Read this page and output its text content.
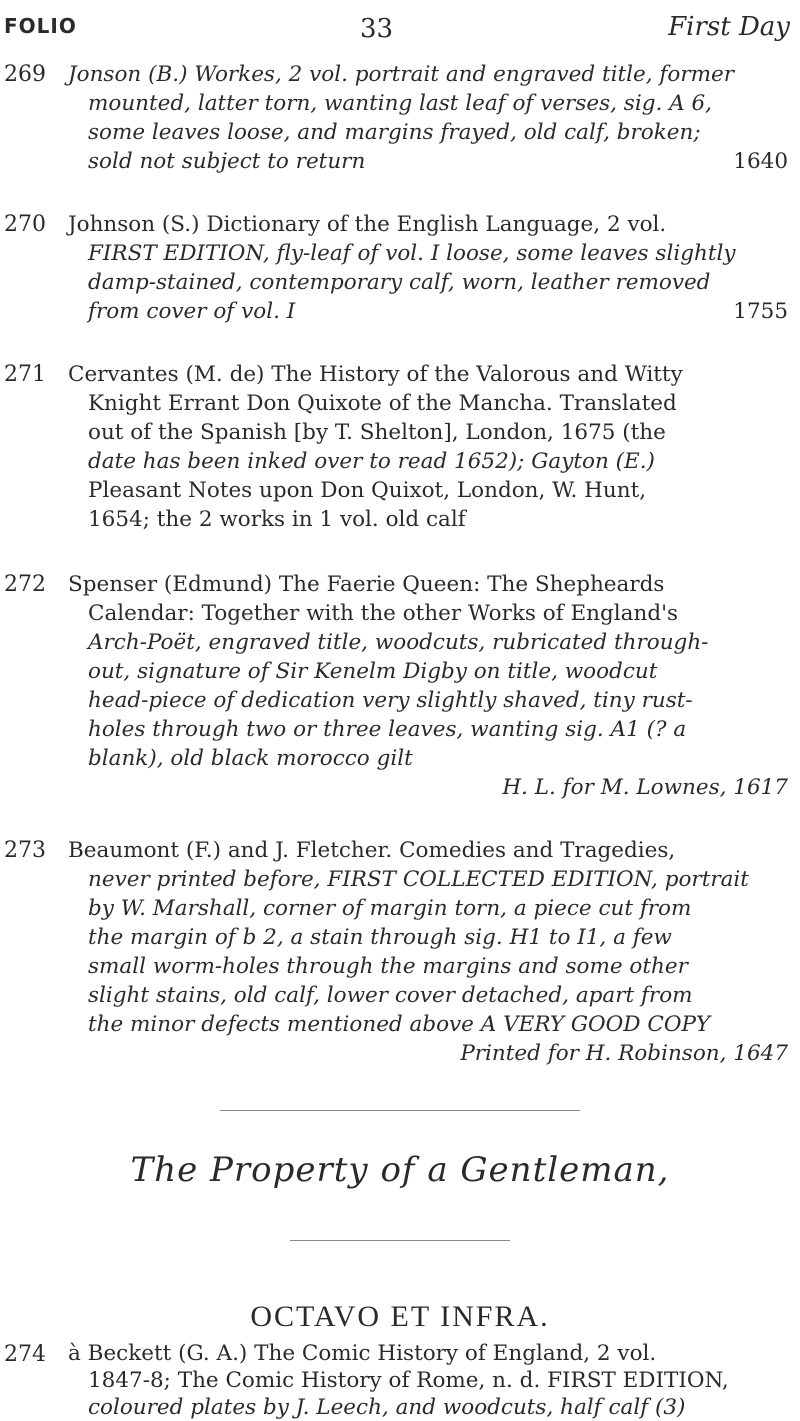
FOLIO	33	First Day
269 Jonson (B.) Workes, 2 vol. portrait and engraved title, former
mounted, latter torn, wanting last leaf of verses, sig. A 6,
some leaves loose, and margins frayed, old calf, broken;
sold not subject to return	1640
270 Johnson (S.) Dictionary of the English Language, 2 vol.
FIRST EDITION, fly-leaf of vol. I loose, some leaves slightly
damp-stained, contemporary calf, worn, leather removed
from cover of vol. I	1755
271 Cervantes (M. de) The History of the Valorous and Witty
Knight Errant Don Quixote of the Mancha. Translated
out of the Spanish [by T. Shelton], London, 1675 (the
date has been inked over to read 1652); Gayton (E.)
Pleasant Notes upon Don Quixot, London, W. Hunt,
1654; the 2 works in 1 vol. old calf
272 Spenser (Edmund) The Faerie Queen: The Shepheards
Calendar: Together with the other Works of England's
Arch-Poët, engraved title, woodcuts, rubricated through-
out, signature of Sir Kenelm Digby on title, woodcut
head-piece of dedication very slightly shaved, tiny rust-
holes through two or three leaves, wanting sig. A1 (? a
blank), old black morocco gilt
H. L. for M. Lownes, 1617
273 Beaumont (F.) and J. Fletcher. Comedies and Tragedies,
never printed before, FIRST COLLECTED EDITION, portrait
by W. Marshall, corner of margin torn, a piece cut from
the margin of b 2, a stain through sig. H1 to I1, a few
small worm-holes through the margins and some other
slight stains, old calf, lower cover detached, apart from
the minor defects mentioned above A VERY GOOD COPY
Printed for H. Robinson, 1647
The Property of a Gentleman,
OCTAVO ET INFRA.
274 à Beckett (G. A.) The Comic History of England, 2 vol.
1847-8; The Comic History of Rome, n. d. FIRST EDITION,
coloured plates by J. Leech, and woodcuts, half calf (3)
